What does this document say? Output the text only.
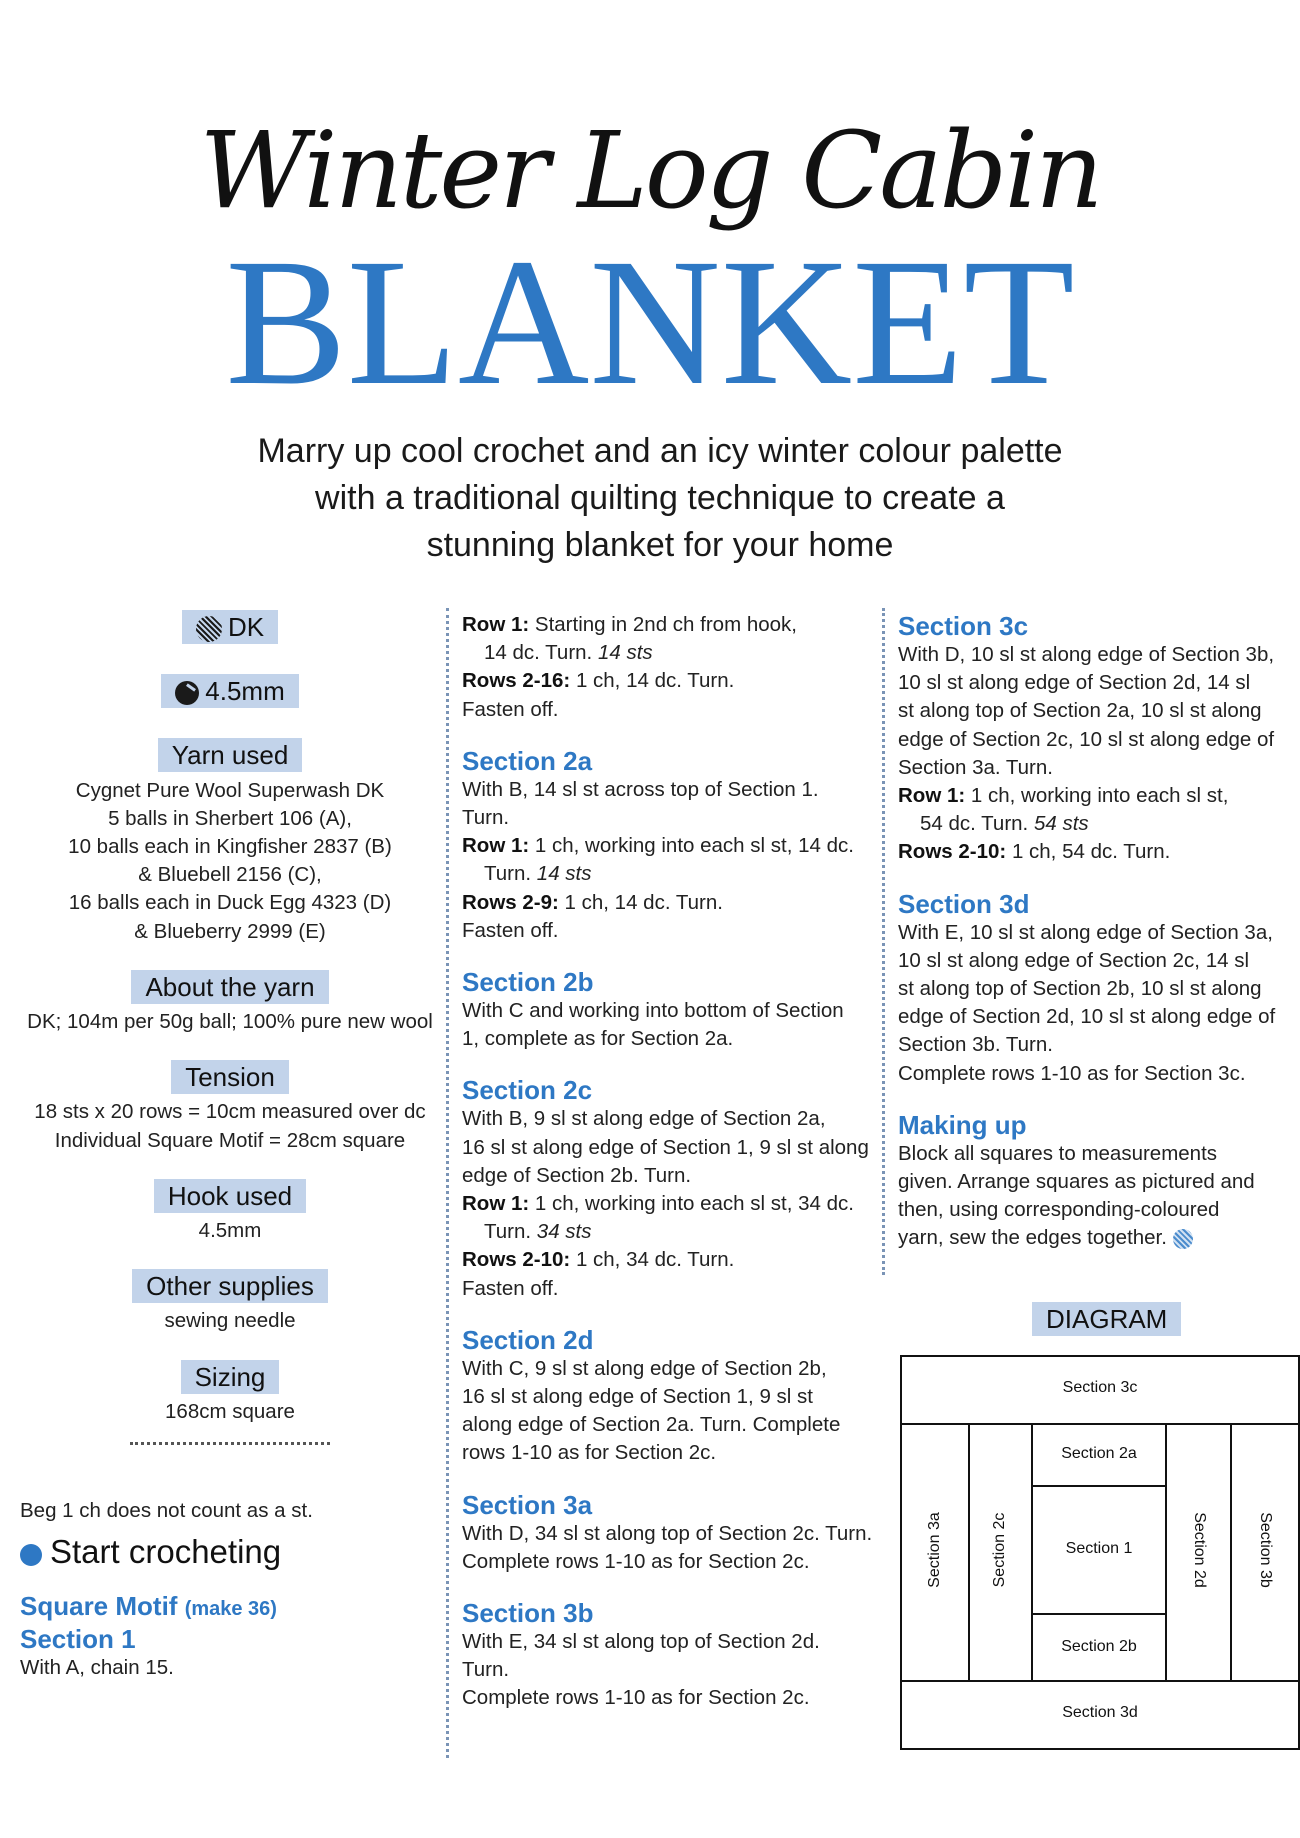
Winter Log Cabin
BLANKET
Marry up cool crochet and an icy winter colour palette
with a traditional quilting technique to create a
stunning blanket for your home
DK
4.5mm
Yarn used
Cygnet Pure Wool Superwash DK
5 balls in Sherbert 106 (A),
10 balls each in Kingfisher 2837 (B)
& Bluebell 2156 (C),
16 balls each in Duck Egg 4323 (D)
& Blueberry 2999 (E)
About the yarn
DK; 104m per 50g ball; 100% pure new wool
Tension
18 sts x 20 rows = 10cm measured over dc
Individual Square Motif = 28cm square
Hook used
4.5mm
Other supplies
sewing needle
Sizing
168cm square
Beg 1 ch does not count as a st.
Start crocheting
Square Motif (make 36)
Section 1
With A, chain 15.
Row 1: Starting in 2nd ch from hook,
14 dc. Turn. 14 sts
Rows 2-16: 1 ch, 14 dc. Turn.
Fasten off.
Section 2a
With B, 14 sl st across top of Section 1.
Turn.
Row 1: 1 ch, working into each sl st, 14 dc.
Turn. 14 sts
Rows 2-9: 1 ch, 14 dc. Turn.
Fasten off.
Section 2b
With C and working into bottom of Section
1, complete as for Section 2a.
Section 2c
With B, 9 sl st along edge of Section 2a,
16 sl st along edge of Section 1, 9 sl st along
edge of Section 2b. Turn.
Row 1: 1 ch, working into each sl st, 34 dc.
Turn. 34 sts
Rows 2-10: 1 ch, 34 dc. Turn.
Fasten off.
Section 2d
With C, 9 sl st along edge of Section 2b,
16 sl st along edge of Section 1, 9 sl st
along edge of Section 2a. Turn. Complete
rows 1-10 as for Section 2c.
Section 3a
With D, 34 sl st along top of Section 2c. Turn.
Complete rows 1-10 as for Section 2c.
Section 3b
With E, 34 sl st along top of Section 2d.
Turn.
Complete rows 1-10 as for Section 2c.
Section 3c
With D, 10 sl st along edge of Section 3b,
10 sl st along edge of Section 2d, 14 sl
st along top of Section 2a, 10 sl st along
edge of Section 2c, 10 sl st along edge of
Section 3a. Turn.
Row 1: 1 ch, working into each sl st,
54 dc. Turn. 54 sts
Rows 2-10: 1 ch, 54 dc. Turn.
Section 3d
With E, 10 sl st along edge of Section 3a,
10 sl st along edge of Section 2c, 14 sl
st along top of Section 2b, 10 sl st along
edge of Section 2d, 10 sl st along edge of
Section 3b. Turn.
Complete rows 1-10 as for Section 3c.
Making up
Block all squares to measurements
given. Arrange squares as pictured and
then, using corresponding-coloured
yarn, sew the edges together.
DIAGRAM
Section 3c
Section 3d
Section 3a	Section 2c	Section 3b
Section 2d
Section 2a
Section 1
Section 2b
